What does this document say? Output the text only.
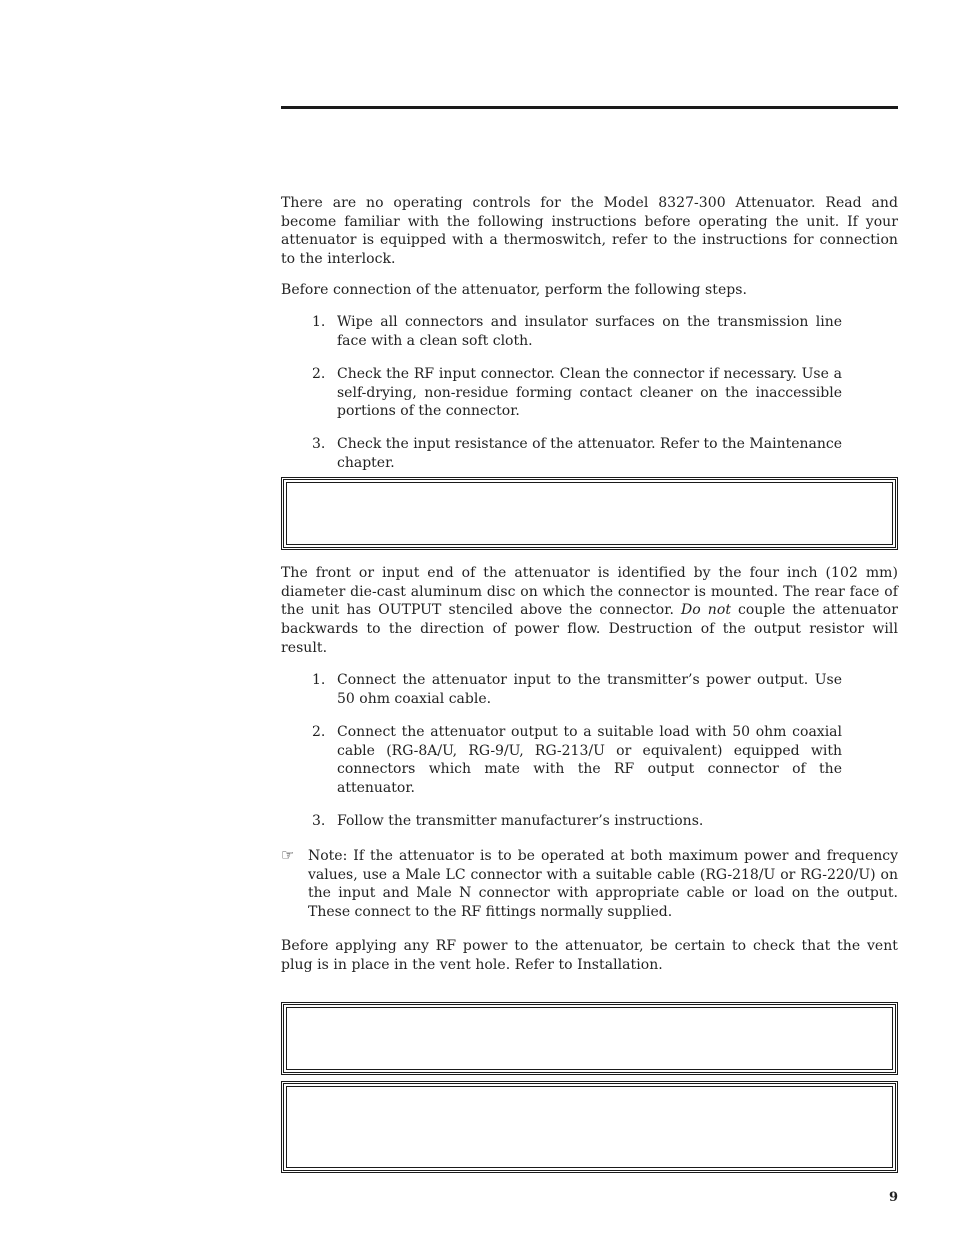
There are no operating controls for the Model 8327-300 Attenuator. Read and become familiar with the following instructions before operating the unit. If your attenuator is equipped with a thermoswitch, refer to the instructions for connection to the interlock.

Before connection of the attenuator, perform the following steps.

1. Wipe all connectors and insulator surfaces on the transmission line face with a clean soft cloth.

2. Check the RF input connector. Clean the connector if necessary. Use a self-drying, non-residue forming contact cleaner on the inaccessible portions of the connector.

3. Check the input resistance of the attenuator. Refer to the Maintenance chapter.

The front or input end of the attenuator is identified by the four inch (102 mm) diameter die-cast aluminum disc on which the connector is mounted. The rear face of the unit has OUTPUT stenciled above the connector. Do not couple the attenuator backwards to the direction of power flow. Destruction of the output resistor will result.

1. Connect the attenuator input to the transmitter’s power output. Use 50 ohm coaxial cable.

2. Connect the attenuator output to a suitable load with 50 ohm coaxial cable (RG-8A/U, RG-9/U, RG-213/U or equivalent) equipped with connectors which mate with the RF output connector of the attenuator.

3. Follow the transmitter manufacturer’s instructions.

☞ Note: If the attenuator is to be operated at both maximum power and frequency values, use a Male LC connector with a suitable cable (RG-218/U or RG-220/U) on the input and Male N connector with appropriate cable or load on the output. These connect to the RF fittings normally supplied.

Before applying any RF power to the attenuator, be certain to check that the vent plug is in place in the vent hole. Refer to Installation.

9
